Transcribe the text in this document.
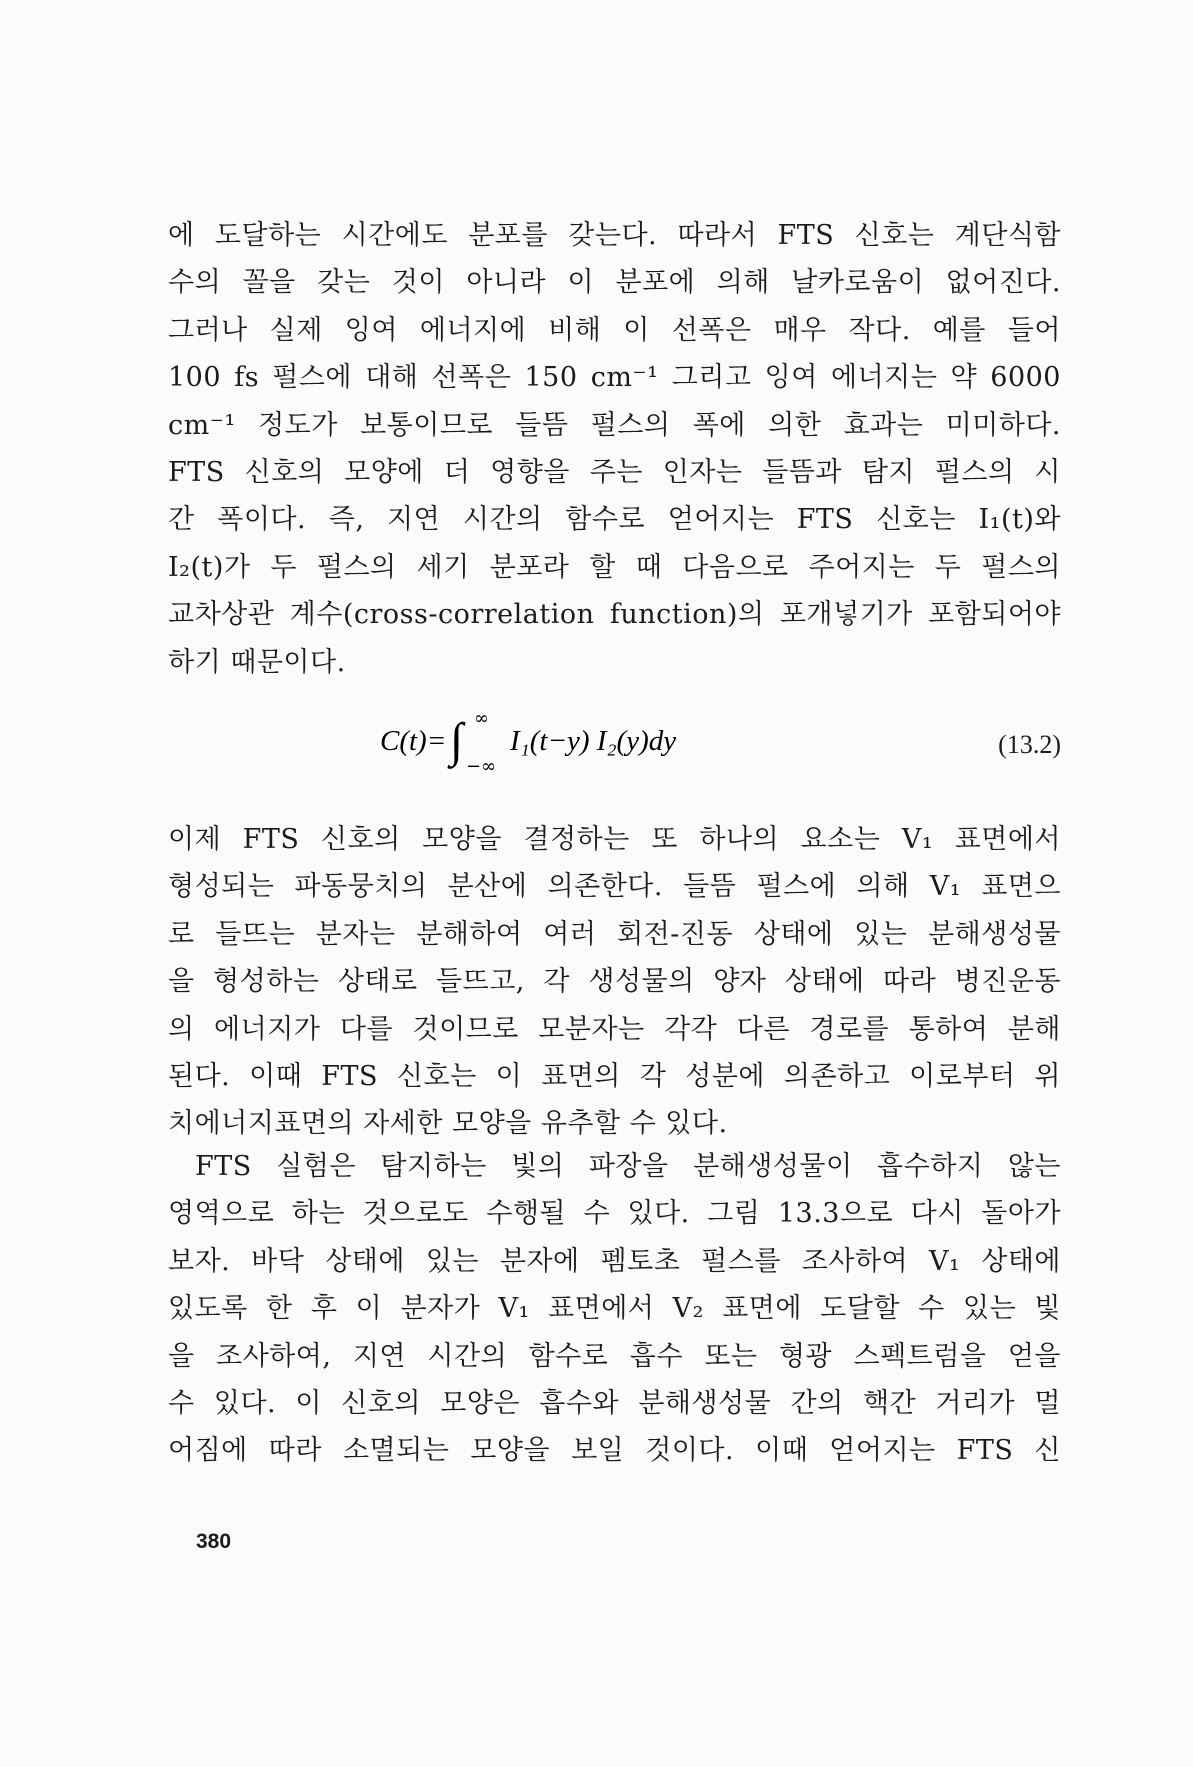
에 도달하는 시간에도 분포를 갖는다. 따라서 FTS 신호는 계단식함
수의 꼴을 갖는 것이 아니라 이 분포에 의해 날카로움이 없어진다.
그러나 실제 잉여 에너지에 비해 이 선폭은 매우 작다. 예를 들어
100 fs 펄스에 대해 선폭은 150 cm⁻¹ 그리고 잉여 에너지는 약 6000
cm⁻¹ 정도가 보통이므로 들뜸 펄스의 폭에 의한 효과는 미미하다.
FTS 신호의 모양에 더 영향을 주는 인자는 들뜸과 탐지 펄스의 시
간 폭이다. 즉, 지연 시간의 함수로 얻어지는 FTS 신호는 I₁(t)와
I₂(t)가 두 펄스의 세기 분포라 할 때 다음으로 주어지는 두 펄스의
교차상관 계수(cross-correlation function)의 포개넣기가 포함되어야
하기 때문이다.
C(t)= ∫ ∞
−∞
I₁(t−y) I₂(y)dy	(13.2)
이제 FTS 신호의 모양을 결정하는 또 하나의 요소는 V₁ 표면에서
형성되는 파동뭉치의 분산에 의존한다. 들뜸 펄스에 의해 V₁ 표면으
로 들뜨는 분자는 분해하여 여러 회전-진동 상태에 있는 분해생성물
을 형성하는 상태로 들뜨고, 각 생성물의 양자 상태에 따라 병진운동
의 에너지가 다를 것이므로 모분자는 각각 다른 경로를 통하여 분해
된다. 이때 FTS 신호는 이 표면의 각 성분에 의존하고 이로부터 위
치에너지표면의 자세한 모양을 유추할 수 있다.
FTS 실험은 탐지하는 빛의 파장을 분해생성물이 흡수하지 않는
영역으로 하는 것으로도 수행될 수 있다. 그림 13.3으로 다시 돌아가
보자. 바닥 상태에 있는 분자에 펨토초 펄스를 조사하여 V₁ 상태에
있도록 한 후 이 분자가 V₁ 표면에서 V₂ 표면에 도달할 수 있는 빛
을 조사하여, 지연 시간의 함수로 흡수 또는 형광 스펙트럼을 얻을
수 있다. 이 신호의 모양은 흡수와 분해생성물 간의 핵간 거리가 멀
어짐에 따라 소멸되는 모양을 보일 것이다. 이때 얻어지는 FTS 신
380
